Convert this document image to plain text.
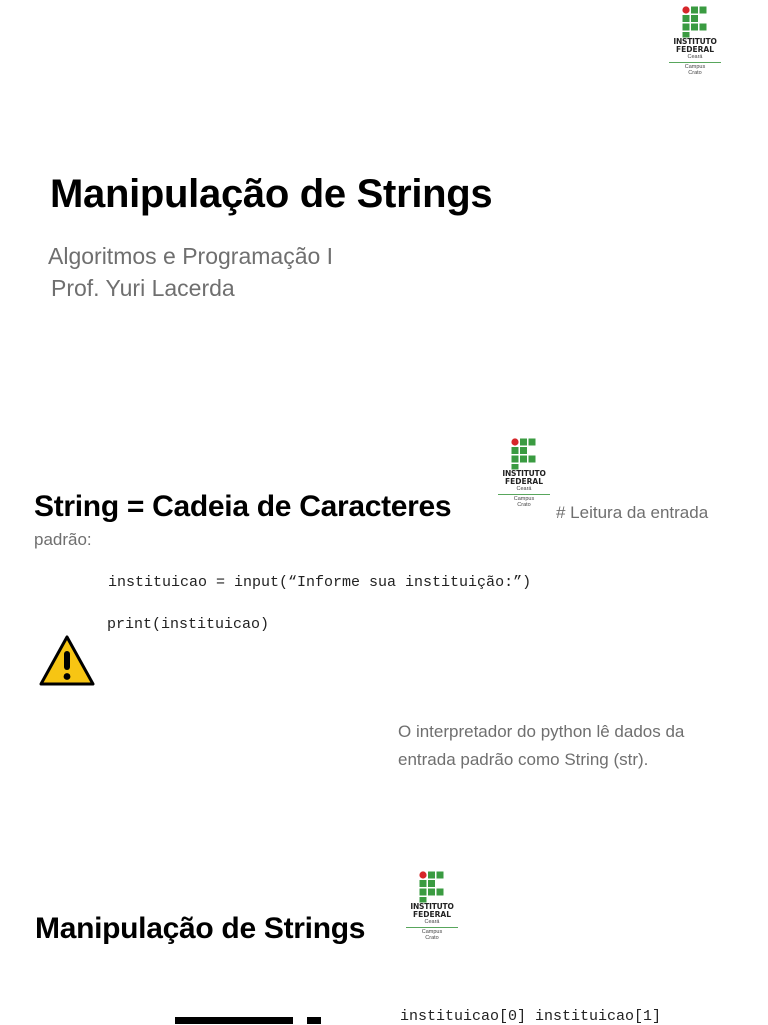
INSTITUTO
FEDERAL
Ceará
Campus
Crato
Manipulação de Strings
Algoritmos e Programação I
Prof. Yuri Lacerda
INSTITUTO
FEDERAL
Ceará
Campus
Crato
String = Cadeia de Caracteres	# Leitura da entrada
padrão:
instituicao = input(“Informe sua instituição:”)
print(instituicao)
O interpretador do python lê dados da
entrada padrão como String (str).
INSTITUTO
FEDERAL
Ceará
Campus
Crato
Manipulação de Strings
instituicao[0] instituicao[1]
